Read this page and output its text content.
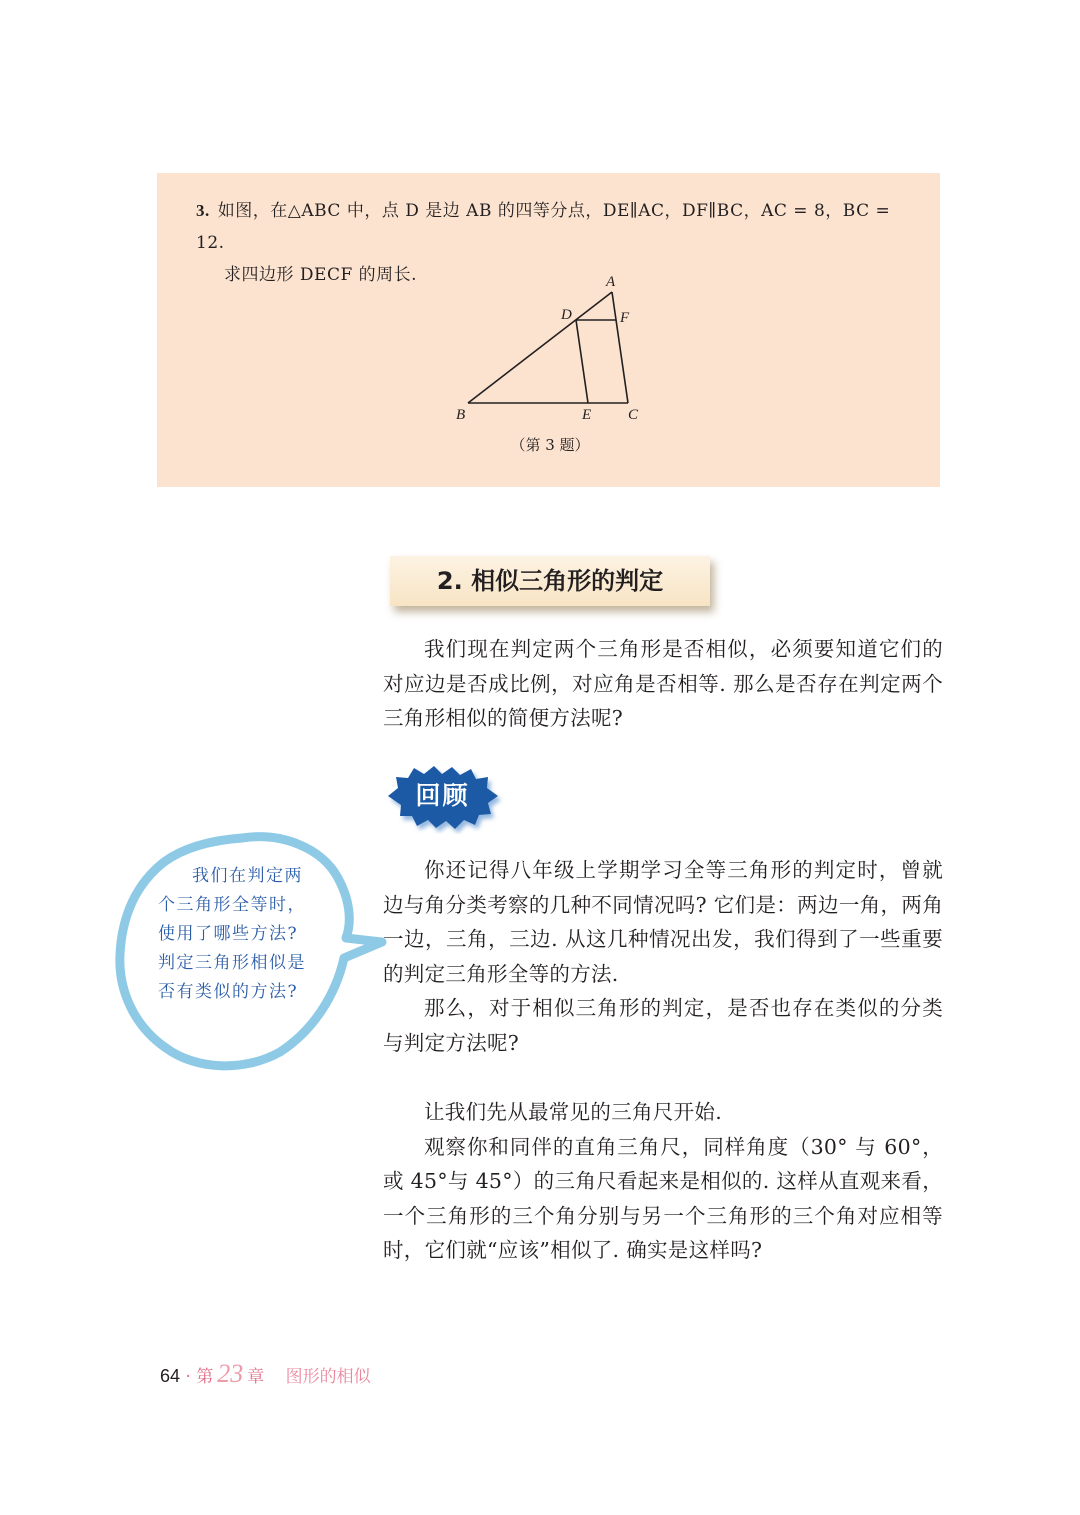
3. 如图，在△ABC 中，点 D 是边 AB 的四等分点，DE∥AC，DF∥BC，AC = 8，BC = 12.
求四边形 DECF 的周长.	A
B	C
D
E
F
（第 3 题）
2. 相似三角形的判定

我们现在判定两个三角形是否相似，必须要知道它们的对应边是否成比例，对应角是否相等. 那么是否存在判定两个三角形相似的简便方法呢?

回顾

我们在判定两个三角形全等时，使用了哪些方法? 判定三角形相似是否有类似的方法?

你还记得八年级上学期学习全等三角形的判定时，曾就边与角分类考察的几种不同情况吗? 它们是：两边一角，两角一边，三角，三边. 从这几种情况出发，我们得到了一些重要的判定三角形全等的方法.

那么，对于相似三角形的判定，是否也存在类似的分类与判定方法呢?

让我们先从最常见的三角尺开始.

观察你和同伴的直角三角尺，同样角度（30° 与 60°，或 45°与 45°）的三角尺看起来是相似的. 这样从直观来看，一个三角形的三个角分别与另一个三角形的三个角对应相等时，它们就“应该”相似了. 确实是这样吗?

64 · 第 23 章 图形的相似
